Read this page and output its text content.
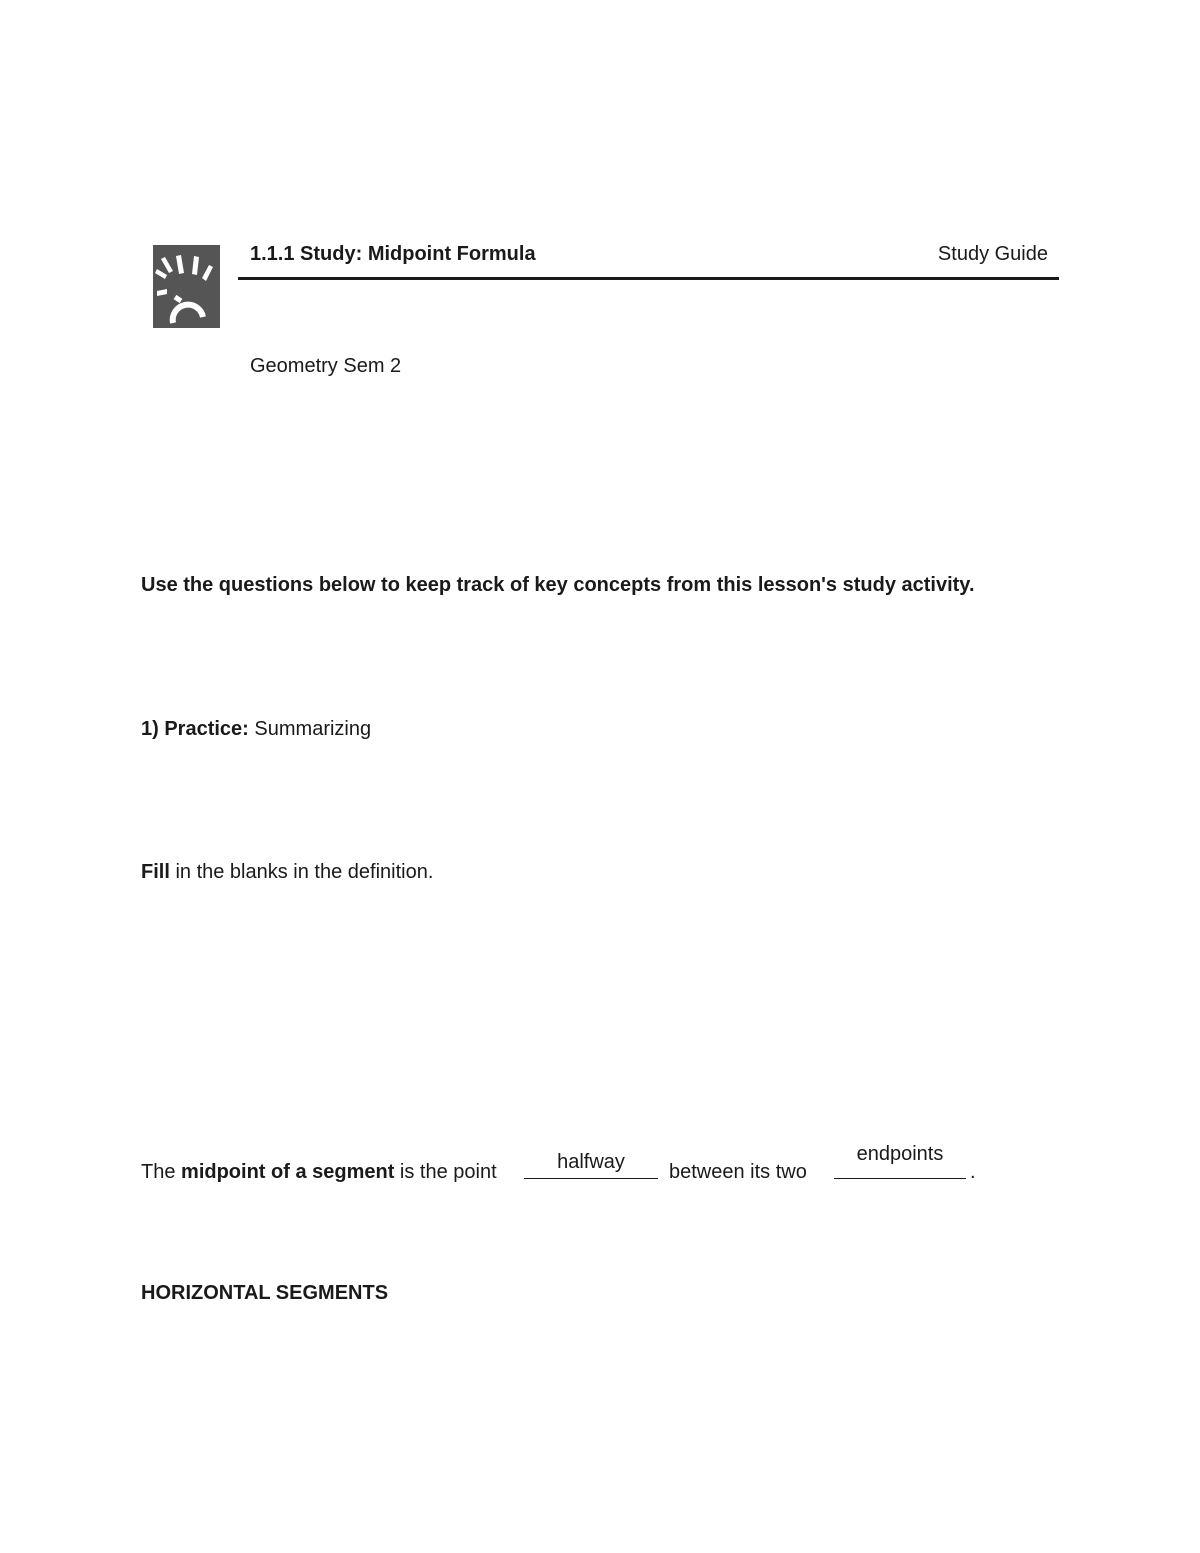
1.1.1 Study: Midpoint Formula	Study Guide
Geometry Sem 2
Use the questions below to keep track of key concepts from this lesson's study activity.
1) Practice: Summarizing
Fill in the blanks in the definition.
The midpoint of a segment is the point	halfway	between its two
endpoints
.
HORIZONTAL SEGMENTS
